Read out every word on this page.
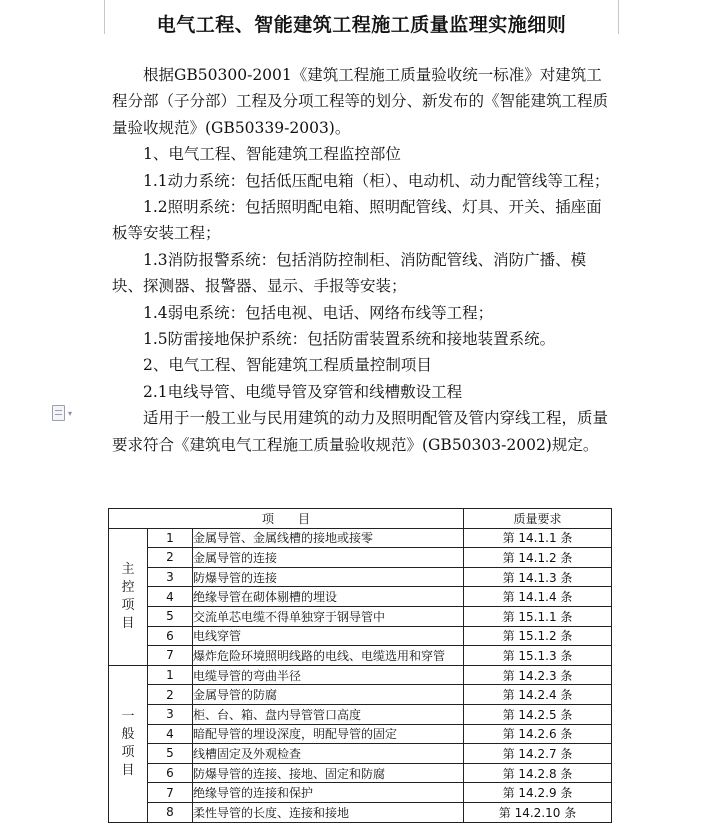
电气工程、智能建筑工程施工质量监理实施细则

根据GB50300-2001《建筑工程施工质量验收统一标准》对建筑工程分部（子分部）工程及分项工程等的划分、新发布的《智能建筑工程质量验收规范》(GB50339-2003)。

1、电气工程、智能建筑工程监控部位

1.1动力系统：包括低压配电箱（柜）、电动机、动力配管线等工程；

1.2照明系统：包括照明配电箱、照明配管线、灯具、开关、插座面板等安装工程；

1.3消防报警系统：包括消防控制柜、消防配管线、消防广播、模块、探测器、报警器、显示、手报等安装；

1.4弱电系统：包括电视、电话、网络布线等工程；

1.5防雷接地保护系统：包括防雷装置系统和接地装置系统。

2、电气工程、智能建筑工程质量控制项目

2.1电线导管、电缆导管及穿管和线槽敷设工程

适用于一般工业与民用建筑的动力及照明配管及管内穿线工程，质量要求符合《建筑电气工程施工质量验收规范》(GB50303-2002)规定。

▾
项　　目			质量要求
主
控
项
目	1	金属导管、金属线槽的接地或接零	第 14.1.1 条
	2	金属导管的连接	第 14.1.2 条
	3	防爆导管的连接	第 14.1.3 条
	4	绝缘导管在砌体剔槽的埋设	第 14.1.4 条
	5	交流单芯电缆不得单独穿于钢导管中	第 15.1.1 条
	6	电线穿管	第 15.1.2 条
	7	爆炸危险环境照明线路的电线、电缆选用和穿管	第 15.1.3 条
一
般
项
目	1	电缆导管的弯曲半径	第 14.2.3 条
	2	金属导管的防腐	第 14.2.4 条
	3	柜、台、箱、盘内导管管口高度	第 14.2.5 条
	4	暗配导管的埋设深度，明配导管的固定	第 14.2.6 条
	5	线槽固定及外观检查	第 14.2.7 条
	6	防爆导管的连接、接地、固定和防腐	第 14.2.8 条
	7	绝缘导管的连接和保护	第 14.2.9 条
	8	柔性导管的长度、连接和接地	第 14.2.10 条
